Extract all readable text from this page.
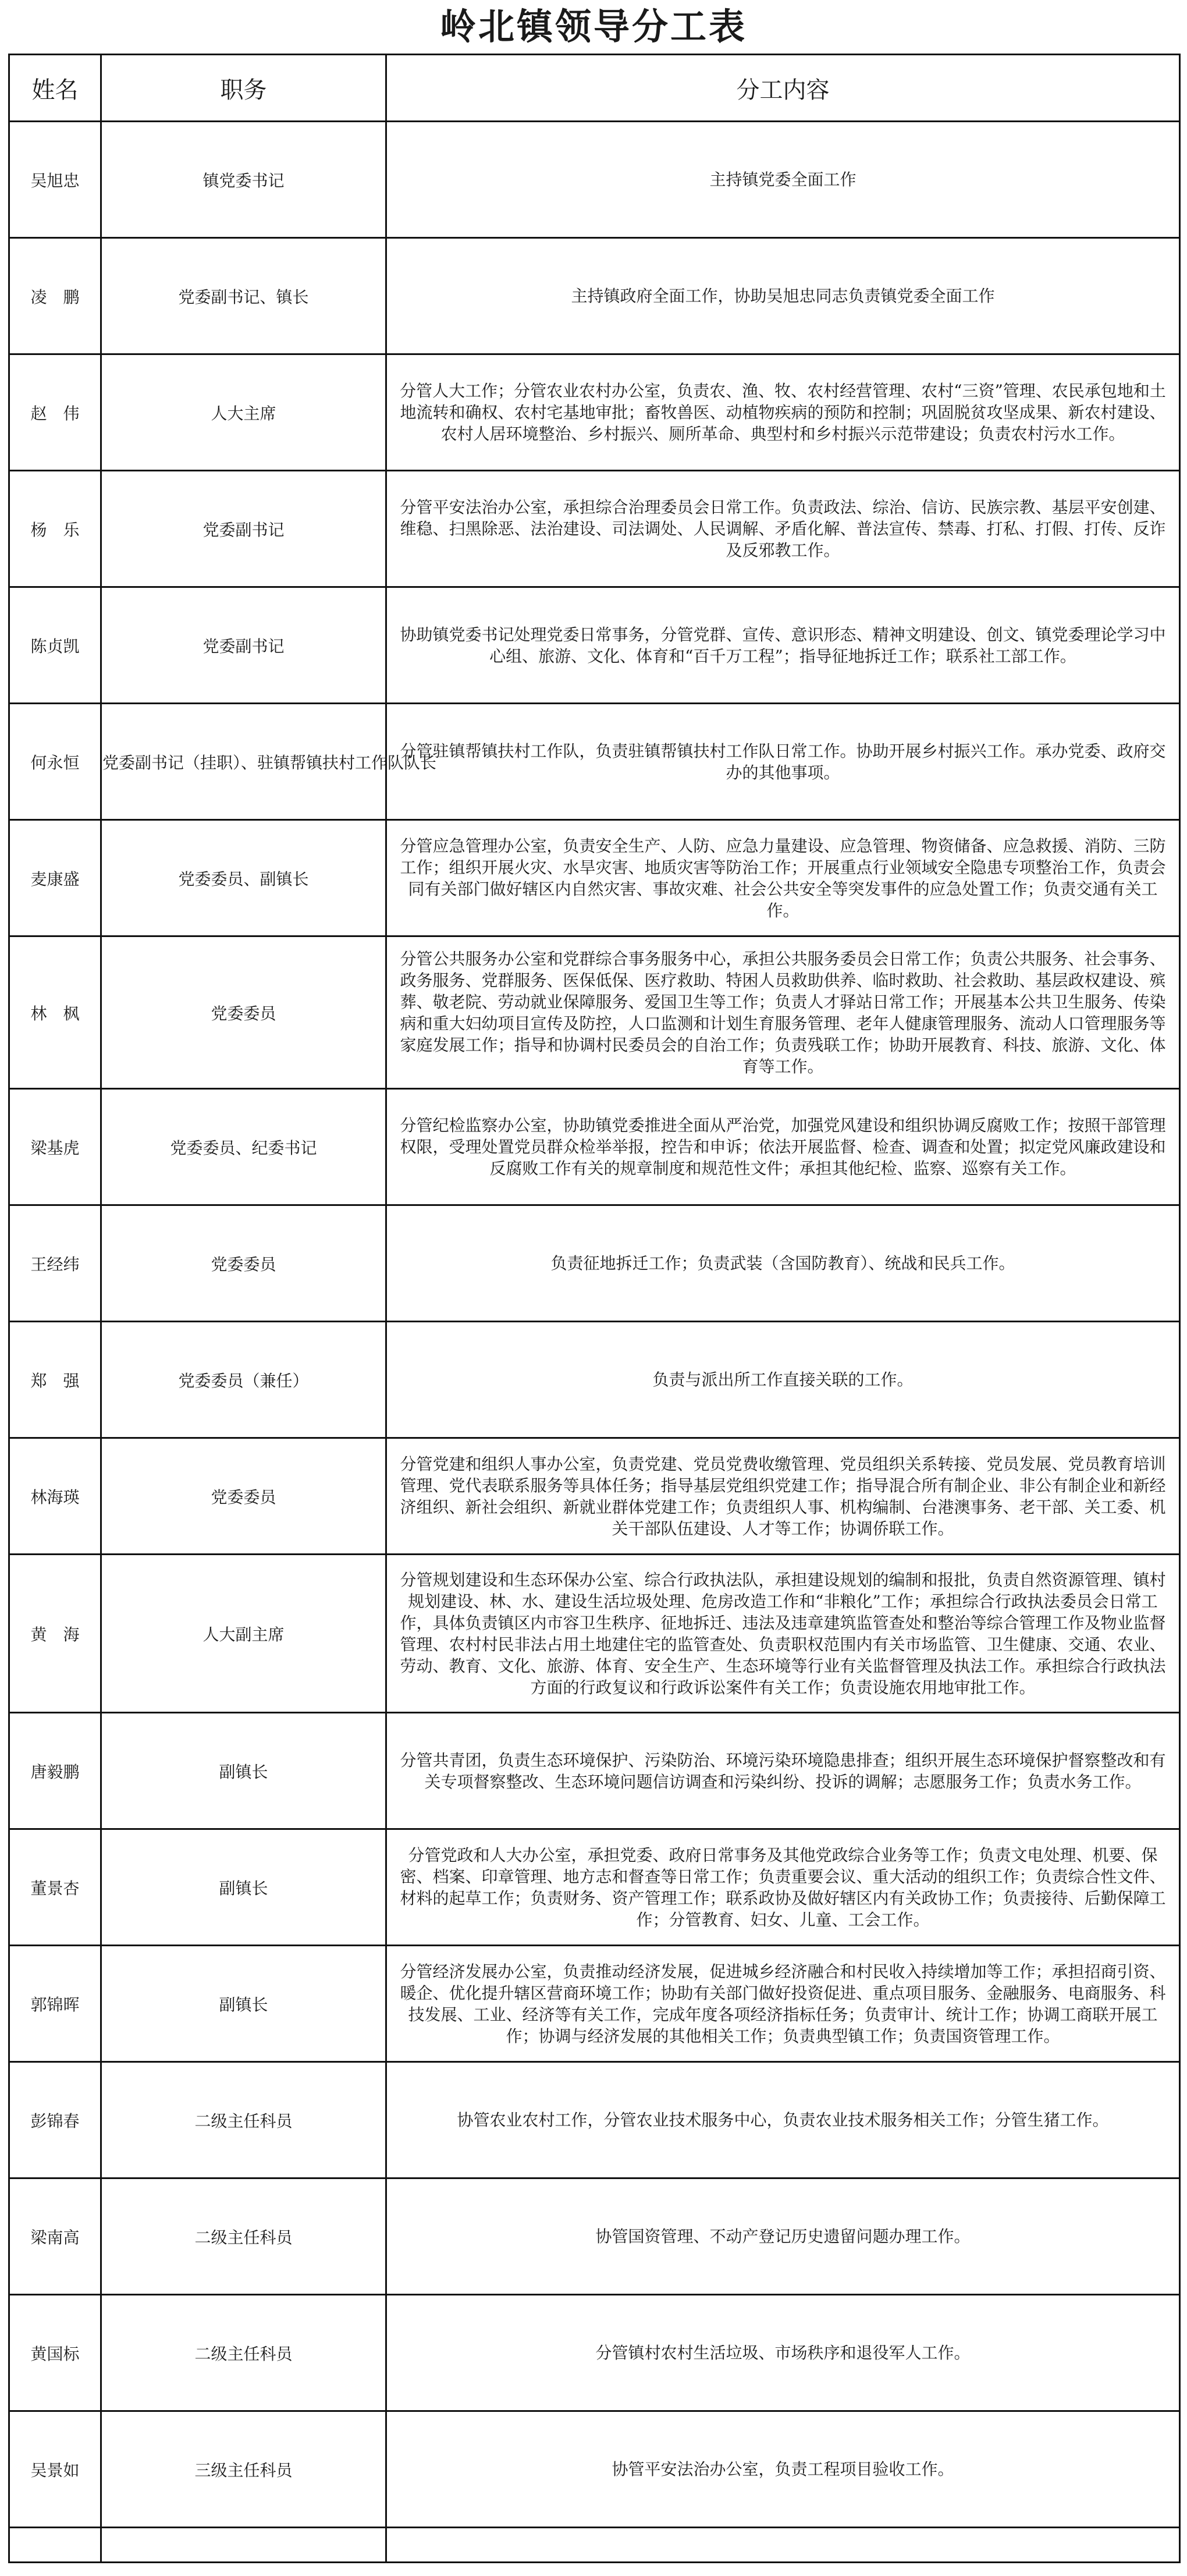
岭北镇领导分工表
姓名	职务	分工内容
吴旭忠	镇党委书记	主持镇党委全面工作
凌　鹏	党委副书记、镇长	主持镇政府全面工作，协助吴旭忠同志负责镇党委全面工作
赵　伟	人大主席	分管人大工作；分管农业农村办公室，负责农、渔、牧、农村经营管理、农村“三资”管理、农民承包地和土地流转和确权、农村宅基地审批；畜牧兽医、动植物疾病的预防和控制；巩固脱贫攻坚成果、新农村建设、农村人居环境整治、乡村振兴、厕所革命、典型村和乡村振兴示范带建设；负责农村污水工作。
杨　乐	党委副书记	分管平安法治办公室，承担综合治理委员会日常工作。负责政法、综治、信访、民族宗教、基层平安创建、维稳、扫黑除恶、法治建设、司法调处、人民调解、矛盾化解、普法宣传、禁毒、打私、打假、打传、反诈及反邪教工作。
陈贞凯	党委副书记	协助镇党委书记处理党委日常事务，分管党群、宣传、意识形态、精神文明建设、创文、镇党委理论学习中心组、旅游、文化、体育和“百千万工程”；指导征地拆迁工作；联系社工部工作。
何永恒	党委副书记（挂职）、驻镇帮镇扶村工作队队长	分管驻镇帮镇扶村工作队，负责驻镇帮镇扶村工作队日常工作。协助开展乡村振兴工作。承办党委、政府交办的其他事项。
麦康盛	党委委员、副镇长	分管应急管理办公室，负责安全生产、人防、应急力量建设、应急管理、物资储备、应急救援、消防、三防工作；组织开展火灾、水旱灾害、地质灾害等防治工作；开展重点行业领域安全隐患专项整治工作，负责会同有关部门做好辖区内自然灾害、事故灾难、社会公共安全等突发事件的应急处置工作；负责交通有关工作。
林　枫	党委委员	分管公共服务办公室和党群综合事务服务中心，承担公共服务委员会日常工作；负责公共服务、社会事务、政务服务、党群服务、医保低保、医疗救助、特困人员救助供养、临时救助、社会救助、基层政权建设、殡葬、敬老院、劳动就业保障服务、爱国卫生等工作；负责人才驿站日常工作；开展基本公共卫生服务、传染病和重大妇幼项目宣传及防控，人口监测和计划生育服务管理、老年人健康管理服务、流动人口管理服务等家庭发展工作；指导和协调村民委员会的自治工作；负责残联工作；协助开展教育、科技、旅游、文化、体育等工作。
梁基虎	党委委员、纪委书记	分管纪检监察办公室，协助镇党委推进全面从严治党，加强党风建设和组织协调反腐败工作；按照干部管理权限，受理处置党员群众检举举报，控告和申诉；依法开展监督、检查、调查和处置；拟定党风廉政建设和反腐败工作有关的规章制度和规范性文件；承担其他纪检、监察、巡察有关工作。
王经纬	党委委员	负责征地拆迁工作；负责武装（含国防教育）、统战和民兵工作。
郑　强	党委委员（兼任）	负责与派出所工作直接关联的工作。
林海瑛	党委委员	分管党建和组织人事办公室，负责党建、党员党费收缴管理、党员组织关系转接、党员发展、党员教育培训管理、党代表联系服务等具体任务；指导基层党组织党建工作；指导混合所有制企业、非公有制企业和新经济组织、新社会组织、新就业群体党建工作；负责组织人事、机构编制、台港澳事务、老干部、关工委、机关干部队伍建设、人才等工作；协调侨联工作。
黄　海	人大副主席	分管规划建设和生态环保办公室、综合行政执法队，承担建设规划的编制和报批，负责自然资源管理、镇村规划建设、林、水、建设生活垃圾处理、危房改造工作和“非粮化”工作；承担综合行政执法委员会日常工作，具体负责镇区内市容卫生秩序、征地拆迁、违法及违章建筑监管查处和整治等综合管理工作及物业监督管理、农村村民非法占用土地建住宅的监管查处、负责职权范围内有关市场监管、卫生健康、交通、农业、劳动、教育、文化、旅游、体育、安全生产、生态环境等行业有关监督管理及执法工作。承担综合行政执法方面的行政复议和行政诉讼案件有关工作；负责设施农用地审批工作。
唐毅鹏	副镇长	分管共青团，负责生态环境保护、污染防治、环境污染环境隐患排查；组织开展生态环境保护督察整改和有关专项督察整改、生态环境问题信访调查和污染纠纷、投诉的调解；志愿服务工作；负责水务工作。
董景杏	副镇长	分管党政和人大办公室，承担党委、政府日常事务及其他党政综合业务等工作；负责文电处理、机要、保密、档案、印章管理、地方志和督查等日常工作；负责重要会议、重大活动的组织工作；负责综合性文件、材料的起草工作；负责财务、资产管理工作；联系政协及做好辖区内有关政协工作；负责接待、后勤保障工作；分管教育、妇女、儿童、工会工作。
郭锦晖	副镇长	分管经济发展办公室，负责推动经济发展，促进城乡经济融合和村民收入持续增加等工作；承担招商引资、暖企、优化提升辖区营商环境工作；协助有关部门做好投资促进、重点项目服务、金融服务、电商服务、科技发展、工业、经济等有关工作，完成年度各项经济指标任务；负责审计、统计工作；协调工商联开展工作；协调与经济发展的其他相关工作；负责典型镇工作；负责国资管理工作。
彭锦春	二级主任科员	协管农业农村工作，分管农业技术服务中心，负责农业技术服务相关工作；分管生猪工作。
梁南高	二级主任科员	协管国资管理、不动产登记历史遗留问题办理工作。
黄国标	二级主任科员	分管镇村农村生活垃圾、市场秩序和退役军人工作。
吴景如	三级主任科员	协管平安法治办公室，负责工程项目验收工作。
